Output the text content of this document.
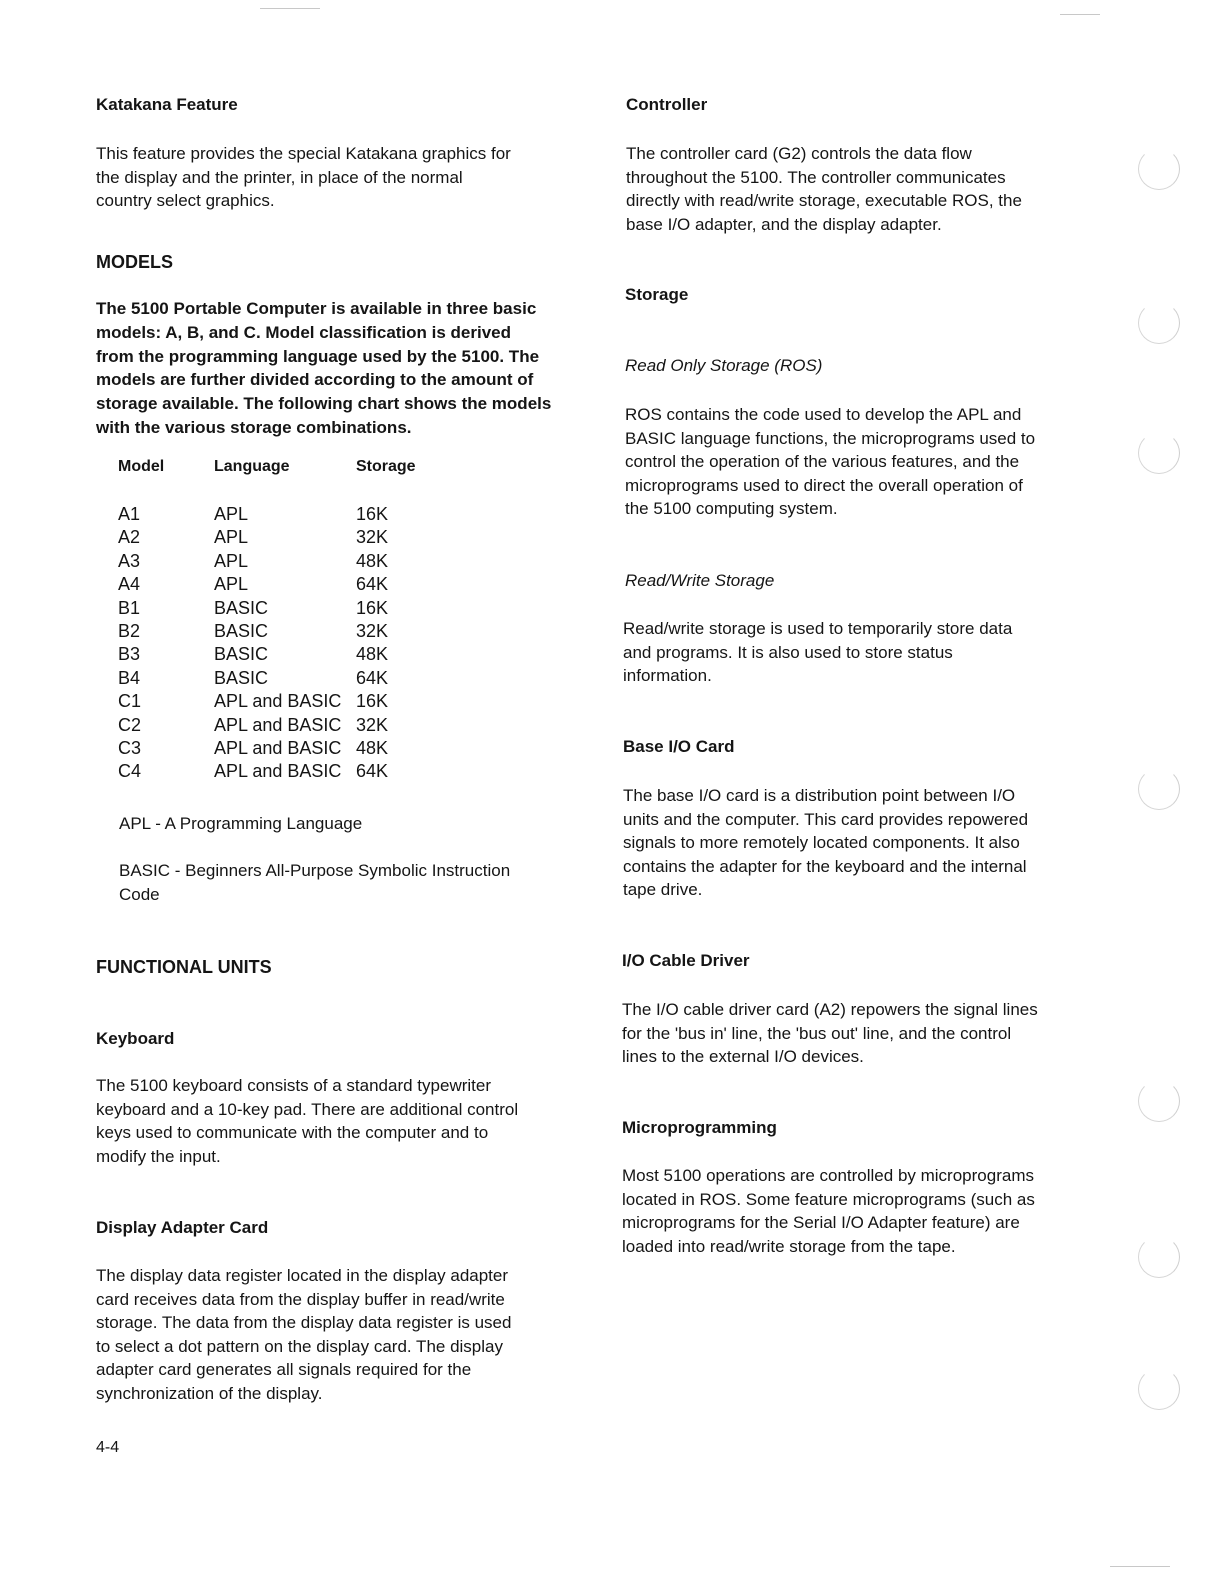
Katakana Feature

This feature provides the special Katakana graphics for
the display and the printer, in place of the normal
country select graphics.

MODELS

The 5100 Portable Computer is available in three basic
models: A, B, and C. Model classification is derived
from the programming language used by the 5100. The
models are further divided according to the amount of
storage available. The following chart shows the models
with the various storage combinations.

Model	Language	Storage
A1	APL	16K
A2	APL	32K
A3	APL	48K
A4	APL	64K
B1	BASIC	16K
B2	BASIC	32K
B3	BASIC	48K
B4	BASIC	64K
C1	APL and BASIC 16K
C2	APL and BASIC 32K
C3	APL and BASIC 48K
C4	APL and BASIC 64K

APL - A Programming Language

BASIC - Beginners All-Purpose Symbolic Instruction
Code

FUNCTIONAL UNITS

Keyboard

The 5100 keyboard consists of a standard typewriter
keyboard and a 10-key pad. There are additional control
keys used to communicate with the computer and to
modify the input.

Display Adapter Card

The display data register located in the display adapter
card receives data from the display buffer in read/write
storage. The data from the display data register is used
to select a dot pattern on the display card. The display
adapter card generates all signals required for the
synchronization of the display.

4-4

Controller

The controller card (G2) controls the data flow
throughout the 5100. The controller communicates
directly with read/write storage, executable ROS, the
base I/O adapter, and the display adapter.

Storage

Read Only Storage (ROS)

ROS contains the code used to develop the APL and
BASIC language functions, the microprograms used to
control the operation of the various features, and the
microprograms used to direct the overall operation of
the 5100 computing system.

Read/Write Storage

Read/write storage is used to temporarily store data
and programs. It is also used to store status
information.

Base I/O Card

The base I/O card is a distribution point between I/O
units and the computer. This card provides repowered
signals to more remotely located components. It also
contains the adapter for the keyboard and the internal
tape drive.

I/O Cable Driver

The I/O cable driver card (A2) repowers the signal lines
for the 'bus in' line, the 'bus out' line, and the control
lines to the external I/O devices.

Microprogramming

Most 5100 operations are controlled by microprograms
located in ROS. Some feature microprograms (such as
microprograms for the Serial I/O Adapter feature) are
loaded into read/write storage from the tape.
